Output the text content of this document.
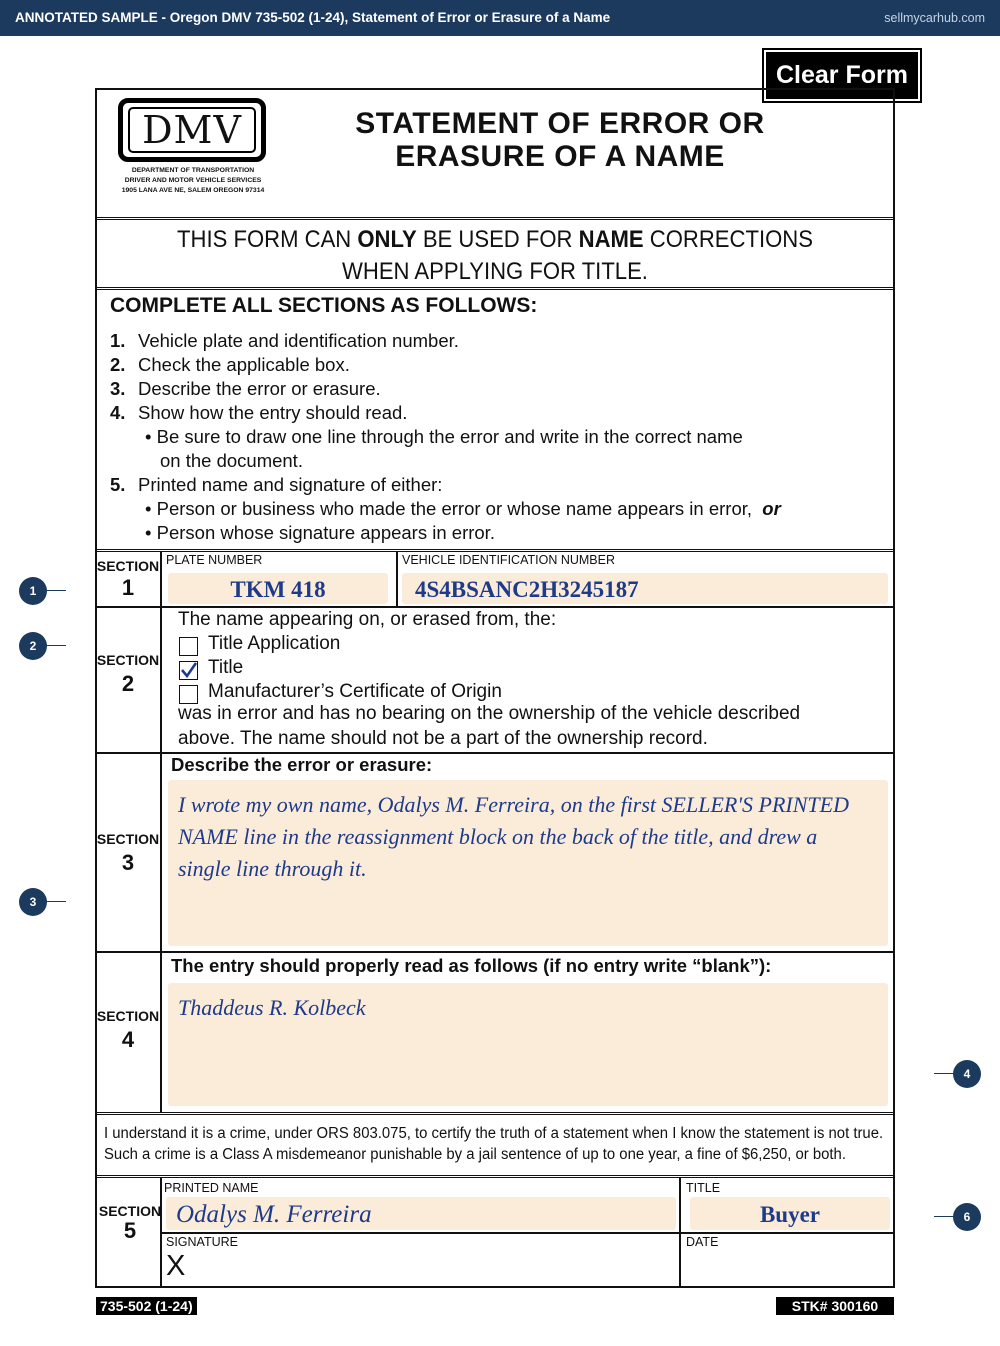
ANNOTATED SAMPLE - Oregon DMV 735-502 (1-24), Statement of Error or Erasure of a Name	sellmycarhub.com
Clear Form
DMV
DEPARTMENT OF TRANSPORTATION
DRIVER AND MOTOR VEHICLE SERVICES
1905 LANA AVE NE, SALEM OREGON 97314
STATEMENT OF ERROR OR
ERASURE OF A NAME
THIS FORM CAN ONLY BE USED FOR NAME CORRECTIONS
WHEN APPLYING FOR TITLE.
COMPLETE ALL SECTIONS AS FOLLOWS:
1. Vehicle plate and identification number.
2. Check the applicable box.
3. Describe the error or erasure.
4. Show how the entry should read.
• Be sure to draw one line through the error and write in the correct name
on the document.
5. Printed name and signature of either:
• Person or business who made the error or whose name appears in error, or
• Person whose signature appears in error.
SECTION
1
SECTION
2
SECTION
3
SECTION
4
SECTION
5
PLATE NUMBER
TKM 418
VEHICLE IDENTIFICATION NUMBER
4S4BSANC2H3245187
The name appearing on, or erased from, the:
Title Application
Title
Manufacturer’s Certificate of Origin
was in error and has no bearing on the ownership of the vehicle described
above. The name should not be a part of the ownership record.
Describe the error or erasure:
I wrote my own name, Odalys M. Ferreira, on the first SELLER'S PRINTED
NAME line in the reassignment block on the back of the title, and drew a
single line through it.
The entry should properly read as follows (if no entry write “blank”):
Thaddeus R. Kolbeck
I understand it is a crime, under ORS 803.075, to certify the truth of a statement when I know the statement is not true.
Such a crime is a Class A misdemeanor punishable by a jail sentence of up to one year, a fine of $6,250, or both.
PRINTED NAME
Odalys M. Ferreira
TITLE
Buyer
SIGNATURE
X
DATE
735-502 (1-24)	STK# 300160
1
2
3
4
6
